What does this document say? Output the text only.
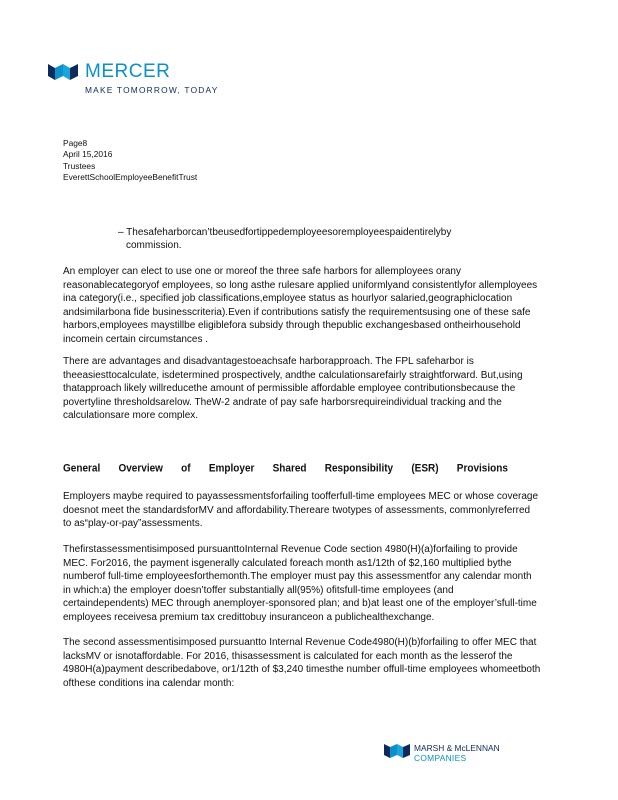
MERCER
MAKE TOMORROW, TODAY
Page8
April 15,2016
Trustees
EverettSchoolEmployeeBenefitTrust
– Thesafeharborcan’tbeusedfortippedemployeesoremployeespaidentirelyby
commission.

An employer can elect to use one or moreof the three safe harbors for allemployees orany reasonablecategoryof employees, so long asthe rulesare applied uniformlyand consistentlyfor allemployees ina category(i.e., specified job classifications,employee status as hourlyor salaried,geographiclocation andsimilarbona fide businesscriteria).Even if contributions satisfy the requirementsusing one of these safe harbors,employees maystillbe eligiblefora subsidy through thepublic exchangesbased ontheirhousehold incomein certain circumstances .

There are advantages and disadvantagestoeachsafe harborapproach. The FPL safeharbor is theeasiesttocalculate, isdetermined prospectively, andthe calculationsarefairly straightforward. But,using thatapproach likely willreducethe amount of permissible affordable employee contributionsbecause the povertyline thresholdsarelow. TheW-2 andrate of pay safe harborsrequireindividual tracking and the calculationsare more complex.

General Overview of Employer Shared Responsibility (ESR) Provisions

Employers maybe required to payassessmentsforfailing toofferfull-time employees MEC or whose coverage doesnot meet the standardsforMV and affordability.Thereare twotypes of assessments, commonlyreferred to as“play-or-pay”assessments.

Thefirstassessmentisimposed pursuanttoInternal Revenue Code section 4980(H)(a)forfailing to provide MEC. For2016, the payment isgenerally calculated foreach month as1/12th of $2,160 multiplied bythe numberof full-time employeesforthemonth.The employer must pay this assessmentfor any calendar month in which:a) the employer doesn’toffer substantially all(95%) ofitsfull-time employees (and certaindependents) MEC through anemployer-sponsored plan; and b)at least one of the employer’sfull-time employees receivesa premium tax credittobuy insuranceon a publichealthexchange.

The second assessmentisimposed pursuantto Internal Revenue Code4980(H)(b)forfailing to offer MEC that lacksMV or isnotaffordable. For 2016, thisassessment is calculated for each month as the lesserof the 4980H(a)payment describedabove, or1/12th of $3,240 timesthe number offull-time employees whomeetboth ofthese conditions ina calendar month:

MARSH & McLENNAN
COMPANIES
